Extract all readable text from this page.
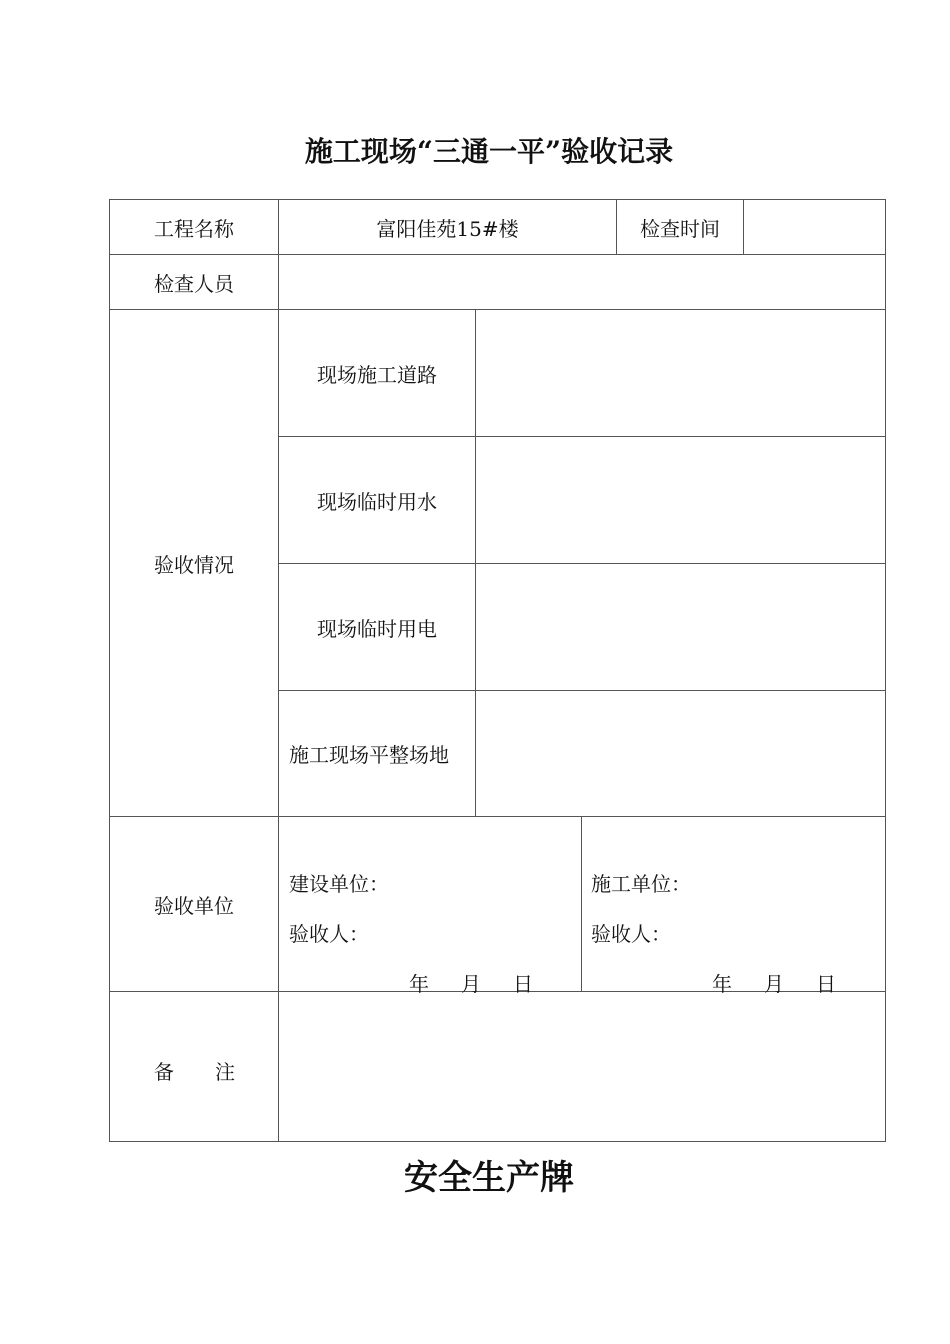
施工现场“三通一平”验收记录
工程名称	富阳佳苑15#楼	检查时间
检查人员
验收情况
现场施工道路
现场临时用水
现场临时用电
施工现场平整场地
验收单位
建设单位：
验收人：
年 月 日
施工单位：
验收人：
年 月 日
备 注
安全生产牌
